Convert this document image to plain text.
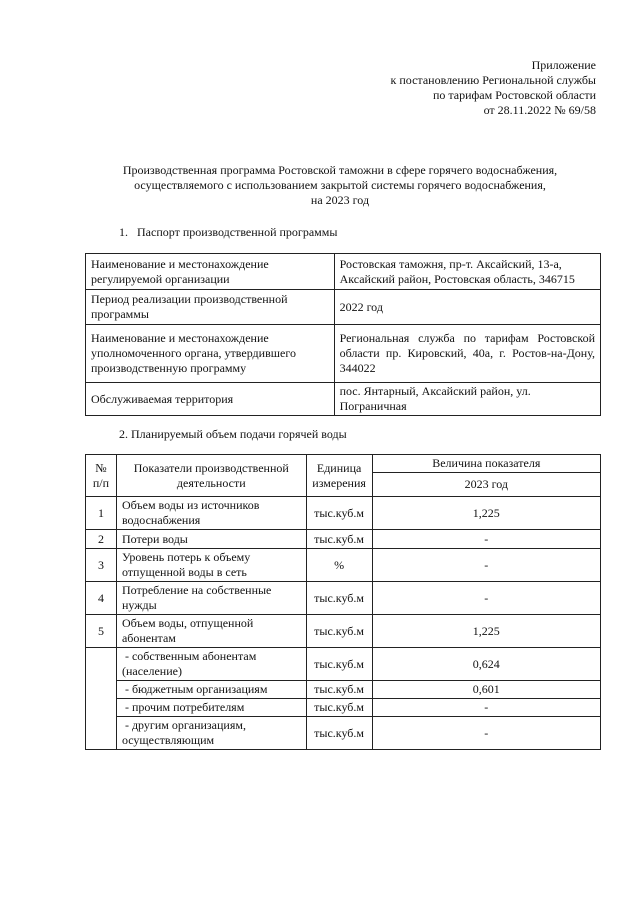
Приложение
к постановлению Региональной службы
по тарифам Ростовской области
от 28.11.2022 № 69/58
Производственная программа Ростовской таможни в сфере горячего водоснабжения,
осуществляемого с использованием закрытой системы горячего водоснабжения,
на 2023 год
1.   Паспорт производственной программы
Наименование и местонахождение регулируемой организации	Ростовская таможня, пр-т. Аксайский, 13-а, Аксайский район, Ростовская область, 346715
Период реализации производственной программы	2022 год
Наименование и местонахождение уполномоченного органа, утвердившего производственную программу	Региональная служба по тарифам Ростовской области пр. Кировский, 40а, г. Ростов-на-Дону, 344022
Обслуживаемая территория	пос. Янтарный, Аксайский район, ул. Пограничная
2. Планируемый объем подачи горячей воды
№ п/п	Показатели производственной деятельности	Единица измерения	Величина показателя
			2023 год
1	Объем воды из источников водоснабжения	тыс.куб.м	1,225
2	Потери воды	тыс.куб.м	-
3	Уровень потерь к объему отпущенной воды в сеть	%	-
4	Потребление на собственные нужды	тыс.куб.м	-
5	Объем воды, отпущенной абонентам	тыс.куб.м	1,225
	- собственным абонентам (население)	тыс.куб.м	0,624
	- бюджетным организациям	тыс.куб.м	0,601
	- прочим потребителям	тыс.куб.м	-
	- другим организациям, осуществляющим	тыс.куб.м	-
